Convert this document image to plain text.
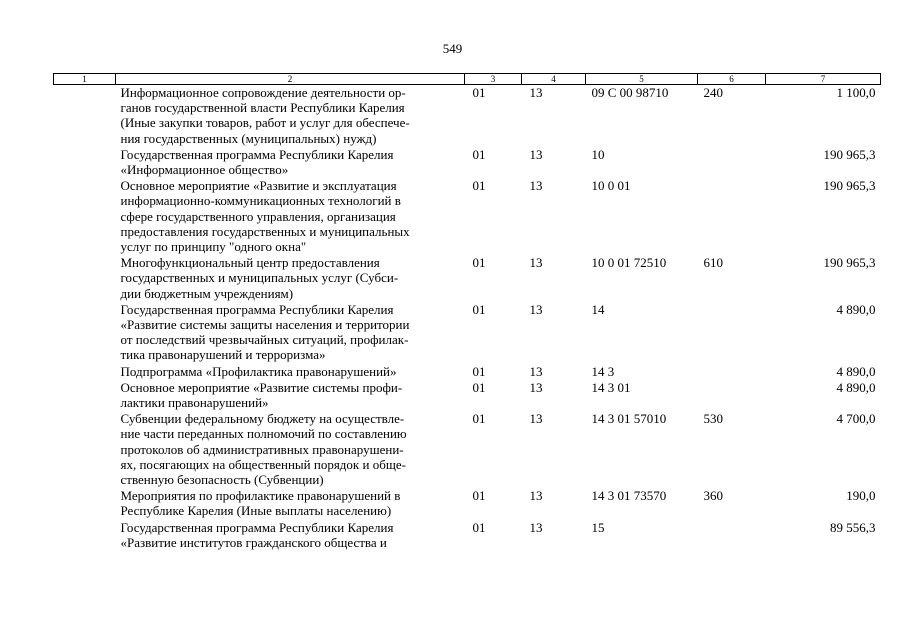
549
1	2	3	4	5	6	7

	Информационное сопровождение деятельности ор-
ганов государственной власти Республики Карелия
(Иные закупки товаров, работ и услуг для обеспече-
ния государственных (муниципальных) нужд)	01	13	09 С 00 98710	240	1 100,0

	Государственная программа Республики Карелия
«Информационное общество»	01	13	10		190 965,3

	Основное мероприятие «Развитие и эксплуатация
информационно-коммуникационных технологий в
сфере государственного управления, организация
предоставления государственных и муниципальных
услуг по принципу "одного окна"	01	13	10 0 01		190 965,3

	Многофункциональный центр предоставления
государственных и муниципальных услуг (Субси-
дии бюджетным учреждениям)	01	13	10 0 01 72510	610	190 965,3

	Государственная программа Республики Карелия
«Развитие системы защиты населения и территории
от последствий чрезвычайных ситуаций, профилак-
тика правонарушений и терроризма»	01	13	14		4 890,0

	Подпрограмма «Профилактика правонарушений»	01	13	14 3		4 890,0

	Основное мероприятие «Развитие системы профи-
лактики правонарушений»	01	13	14 3 01		4 890,0

	Субвенции федеральному бюджету на осуществле-
ние части переданных полномочий по составлению
протоколов об административных правонарушени-
ях, посягающих на общественный порядок и обще-
ственную безопасность (Субвенции)	01	13	14 3 01 57010	530	4 700,0

	Мероприятия по профилактике правонарушений в
Республике Карелия (Иные выплаты населению)	01	13	14 3 01 73570	360	190,0

	Государственная программа Республики Карелия
«Развитие институтов гражданского общества и	01	13	15		89 556,3
